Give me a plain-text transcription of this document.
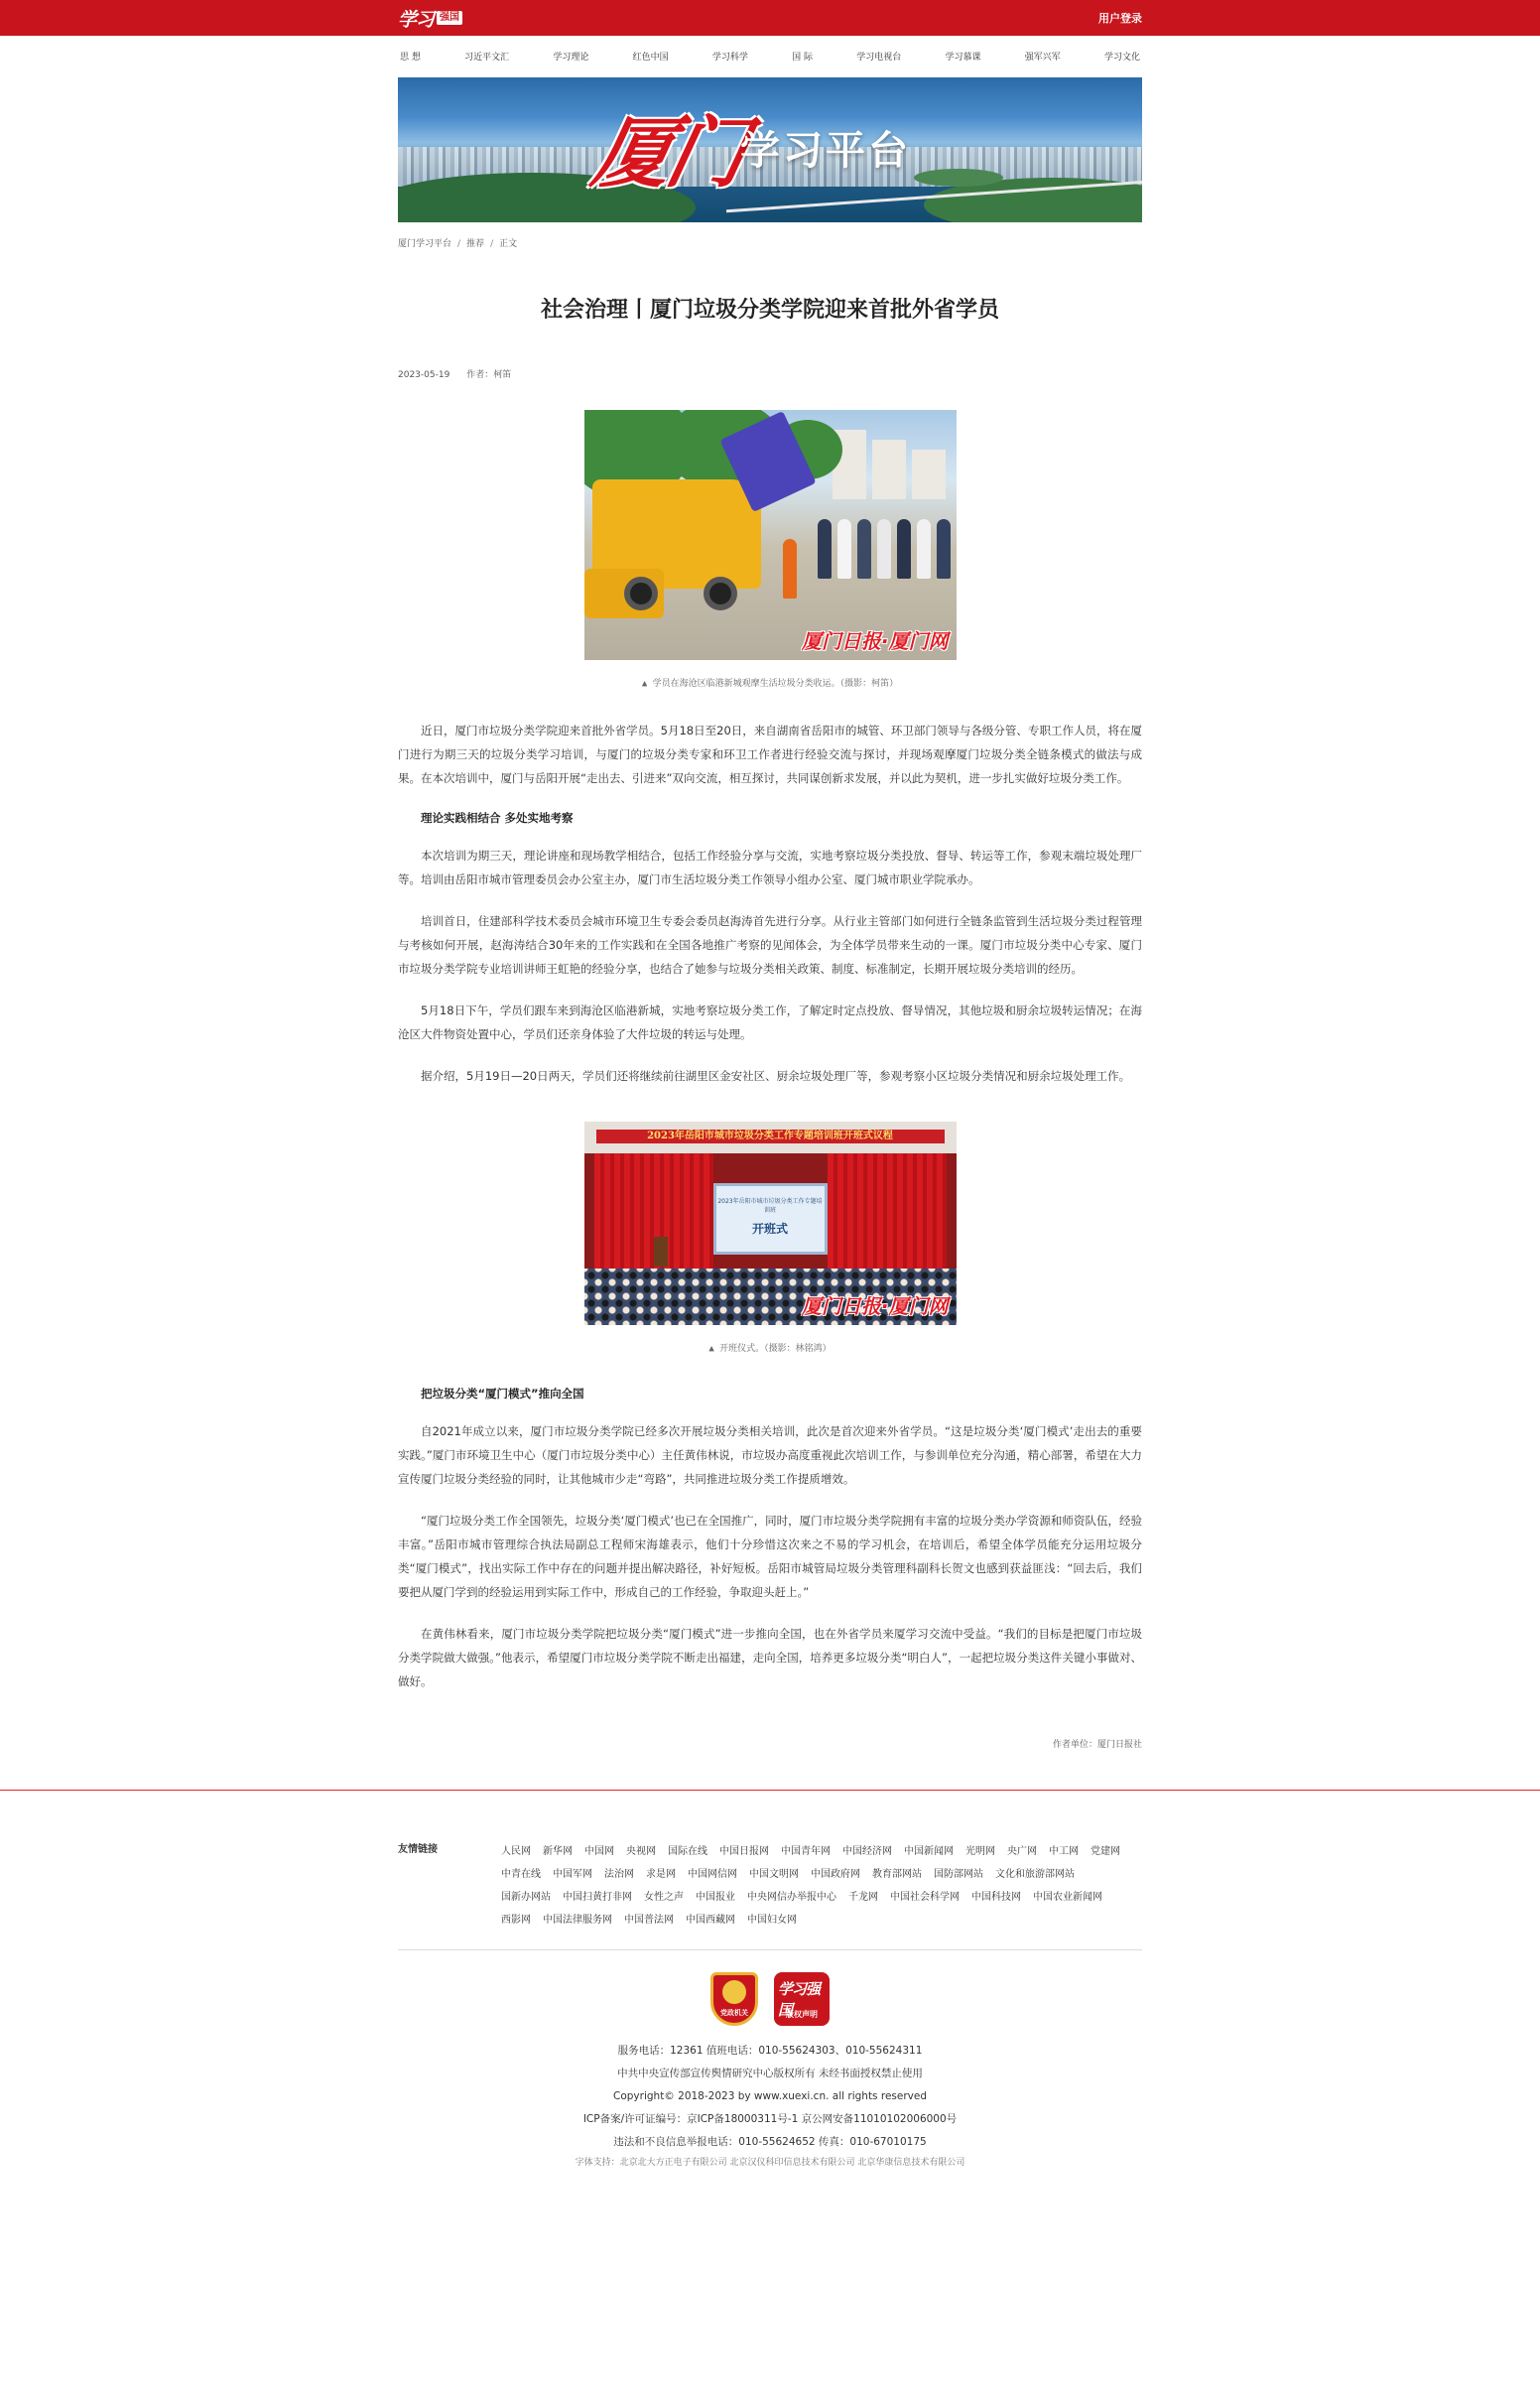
学习 强国	用户登录
思 想	习近平文汇	学习理论	红色中国	学习科学	国 际	学习电视台	学习慕课	强军兴军	学习文化
厦门
学习平台
厦门学习平台 / 推荐 / 正文
社会治理丨厦门垃圾分类学院迎来首批外省学员
2023-05-19 作者：柯笛
厦门日报·厦门网
▲ 学员在海沧区临港新城观摩生活垃圾分类收运。（摄影：柯笛）

近日，厦门市垃圾分类学院迎来首批外省学员。5月18日至20日，来自湖南省岳阳市的城管、环卫部门领导与各级分管、专职工作人员，将在厦门进行为期三天的垃圾分类学习培训，与厦门的垃圾分类专家和环卫工作者进行经验交流与探讨，并现场观摩厦门垃圾分类全链条模式的做法与成果。在本次培训中，厦门与岳阳开展“走出去、引进来”双向交流，相互探讨，共同谋创新求发展，并以此为契机，进一步扎实做好垃圾分类工作。

理论实践相结合 多处实地考察

本次培训为期三天，理论讲座和现场教学相结合，包括工作经验分享与交流，实地考察垃圾分类投放、督导、转运等工作，参观末端垃圾处理厂等。培训由岳阳市城市管理委员会办公室主办，厦门市生活垃圾分类工作领导小组办公室、厦门城市职业学院承办。

培训首日，住建部科学技术委员会城市环境卫生专委会委员赵海涛首先进行分享。从行业主管部门如何进行全链条监管到生活垃圾分类过程管理与考核如何开展，赵海涛结合30年来的工作实践和在全国各地推广考察的见闻体会，为全体学员带来生动的一课。厦门市垃圾分类中心专家、厦门市垃圾分类学院专业培训讲师王虹艳的经验分享，也结合了她参与垃圾分类相关政策、制度、标准制定，长期开展垃圾分类培训的经历。

5月18日下午，学员们跟车来到海沧区临港新城，实地考察垃圾分类工作，了解定时定点投放、督导情况，其他垃圾和厨余垃圾转运情况；在海沧区大件物资处置中心，学员们还亲身体验了大件垃圾的转运与处理。

据介绍，5月19日—20日两天，学员们还将继续前往湖里区金安社区、厨余垃圾处理厂等，参观考察小区垃圾分类情况和厨余垃圾处理工作。

2023年岳阳市城市垃圾分类工作专题培训班开班式议程
2023年岳阳市城市垃圾分类工作专题培训班
开班式
厦门日报·厦门网
▲ 开班仪式。（摄影：林铭鸿）

把垃圾分类“厦门模式”推向全国

自2021年成立以来，厦门市垃圾分类学院已经多次开展垃圾分类相关培训，此次是首次迎来外省学员。“这是垃圾分类‘厦门模式’走出去的重要实践。”厦门市环境卫生中心（厦门市垃圾分类中心）主任黄伟林说，市垃圾办高度重视此次培训工作，与参训单位充分沟通，精心部署，希望在大力宣传厦门垃圾分类经验的同时，让其他城市少走“弯路”，共同推进垃圾分类工作提质增效。

“厦门垃圾分类工作全国领先，垃圾分类‘厦门模式’也已在全国推广，同时，厦门市垃圾分类学院拥有丰富的垃圾分类办学资源和师资队伍，经验丰富。”岳阳市城市管理综合执法局副总工程师宋海雄表示，他们十分珍惜这次来之不易的学习机会，在培训后，希望全体学员能充分运用垃圾分类“厦门模式”，找出实际工作中存在的问题并提出解决路径，补好短板。岳阳市城管局垃圾分类管理科副科长贺文也感到获益匪浅：“回去后，我们要把从厦门学到的经验运用到实际工作中，形成自己的工作经验，争取迎头赶上。”

在黄伟林看来，厦门市垃圾分类学院把垃圾分类“厦门模式”进一步推向全国，也在外省学员来厦学习交流中受益。“我们的目标是把厦门市垃圾分类学院做大做强。”他表示，希望厦门市垃圾分类学院不断走出福建，走向全国，培养更多垃圾分类“明白人”，一起把垃圾分类这件关键小事做对、做好。

作者单位：厦门日报社
友情链接	人民网 新华网 中国网 央视网 国际在线 中国日报网 中国青年网 中国经济网 中国新闻网 光明网 央广网 中工网 党建网
中青在线 中国军网 法治网 求是网 中国网信网 中国文明网 中国政府网 教育部网站 国防部网站 文化和旅游部网站
国新办网站 中国扫黄打非网 女性之声 中国报业 中央网信办举报中心 千龙网 中国社会科学网 中国科技网 中国农业新闻网
西影网 中国法律服务网 中国普法网 中国西藏网 中国妇女网
党政机关
学习强国
版权声明
服务电话：12361 值班电话：010-55624303、010-55624311
中共中央宣传部宣传舆情研究中心版权所有 未经书面授权禁止使用
Copyright© 2018-2023 by www.xuexi.cn. all rights reserved
ICP备案/许可证编号：京ICP备18000311号-1 京公网安备11010102006000号
违法和不良信息举报电话：010-55624652 传真：010-67010175
字体支持：北京北大方正电子有限公司 北京汉仪科印信息技术有限公司 北京华康信息技术有限公司
